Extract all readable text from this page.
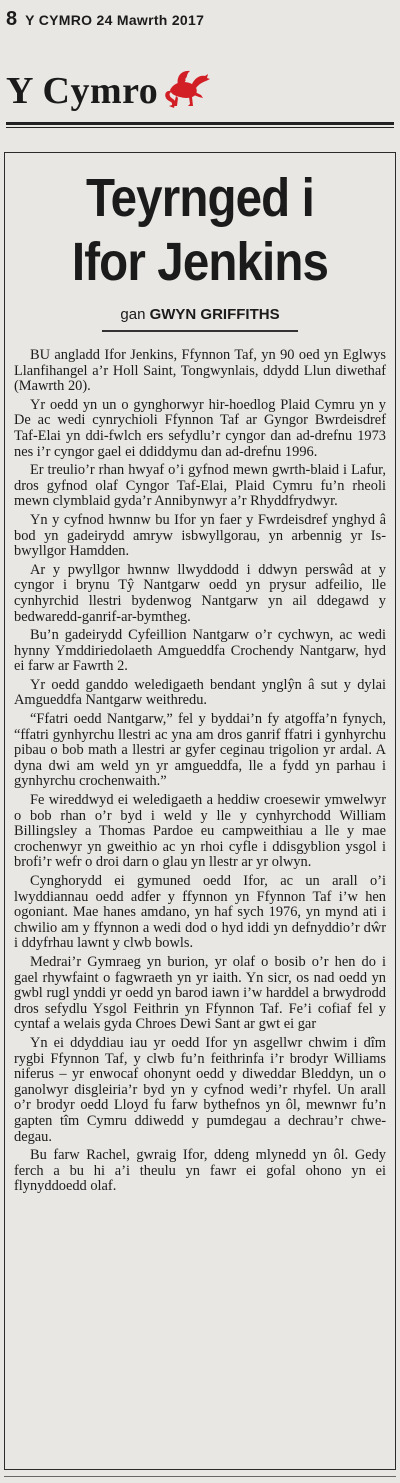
8 Y CYMRO 24 Mawrth 2017
Y Cymro
Teyrnged i
Ifor Jenkins
gan GWYN GRIFFITHS

BU angladd Ifor Jenkins, Ffynnon Taf, yn 90 oed yn Eglwys Llanfihangel a’r Holl Saint, Tongwynlais, ddydd Llun diwethaf (Mawrth 20).

Yr oedd yn un o gynghorwyr hir-hoedlog Plaid Cymru yn y De ac wedi cynrychioli Ffynnon Taf ar Gyngor Bwrdeisdref Taf-Elai yn ddi-fwlch ers sefydlu’r cyngor dan ad-drefnu 1973 nes i’r cyngor gael ei ddiddymu dan ad-drefnu 1996.

Er treulio’r rhan hwyaf o’i gyfnod mewn gwrth-blaid i Lafur, dros gyfnod olaf Cyngor Taf-Elai, Plaid Cymru fu’n rheoli mewn clymblaid gyda’r Annibynwyr a’r Rhyddfrydwyr.

Yn y cyfnod hwnnw bu Ifor yn faer y Fwrdeisdref ynghyd â bod yn gadeirydd amryw isbwyllgorau, yn arbennig yr Is-bwyllgor Hamdden.

Ar y pwyllgor hwnnw llwyddodd i ddwyn perswâd at y cyngor i brynu Tŷ Nantgarw oedd yn prysur adfeilio, lle cynhyrchid llestri bydenwog Nantgarw yn ail ddegawd y bedwaredd-ganrif-ar-bymtheg.

Bu’n gadeirydd Cyfeillion Nantgarw o’r cychwyn, ac wedi hynny Ymddiriedolaeth Amgueddfa Crochendy Nantgarw, hyd ei farw ar Fawrth 2.

Yr oedd ganddo weledigaeth bendant ynglŷn â sut y dylai Amgueddfa Nantgarw weithredu.

“Ffatri oedd Nantgarw,” fel y byddai’n fy atgoffa’n fynych, “ffatri gynhyrchu llestri ac yna am dros ganrif ffatri i gynhyrchu pibau o bob math a llestri ar gyfer ceginau trigolion yr ardal. A dyna dwi am weld yn yr amgueddfa, lle a fydd yn parhau i gynhyrchu crochenwaith.”

Fe wireddwyd ei weledigaeth a heddiw croesewir ymwelwyr o bob rhan o’r byd i weld y lle y cynhyrchodd William Billingsley a Thomas Pardoe eu campweithiau a lle y mae crochenwyr yn gweithio ac yn rhoi cyfle i ddisgyblion ysgol i brofi’r wefr o droi darn o glau yn llestr ar yr olwyn.

Cynghorydd ei gymuned oedd Ifor, ac un arall o’i lwyddiannau oedd adfer y ffynnon yn Ffynnon Taf i’w hen ogoniant. Mae hanes amdano, yn haf sych 1976, yn mynd ati i chwilio am y ffynnon a wedi dod o hyd iddi yn defnyddio’r dŵr i ddyfrhau lawnt y clwb bowls.

Medrai’r Gymraeg yn burion, yr olaf o bosib o’r hen do i gael rhywfaint o fagwraeth yn yr iaith. Yn sicr, os nad oedd yn gwbl rugl ynddi yr oedd yn barod iawn i’w harddel a brwydrodd dros sefydlu Ysgol Feithrin yn Ffynnon Taf. Fe’i cofiaf fel y cyntaf a welais gyda Chroes Dewi Sant ar gwt ei gar

Yn ei ddyddiau iau yr oedd Ifor yn asgellwr chwim i dîm rygbi Ffynnon Taf, y clwb fu’n feithrinfa i’r brodyr Williams niferus – yr enwocaf ohonynt oedd y diweddar Bleddyn, un o ganolwyr disgleiria’r byd yn y cyfnod wedi’r rhyfel. Un arall o’r brodyr oedd Lloyd fu farw bythefnos yn ôl, mewnwr fu’n gapten tîm Cymru ddiwedd y pumdegau a dechrau’r chwe-degau.

Bu farw Rachel, gwraig Ifor, ddeng mlynedd yn ôl. Gedy ferch a bu hi a’i theulu yn fawr ei gofal ohono yn ei flynyddoedd olaf.
